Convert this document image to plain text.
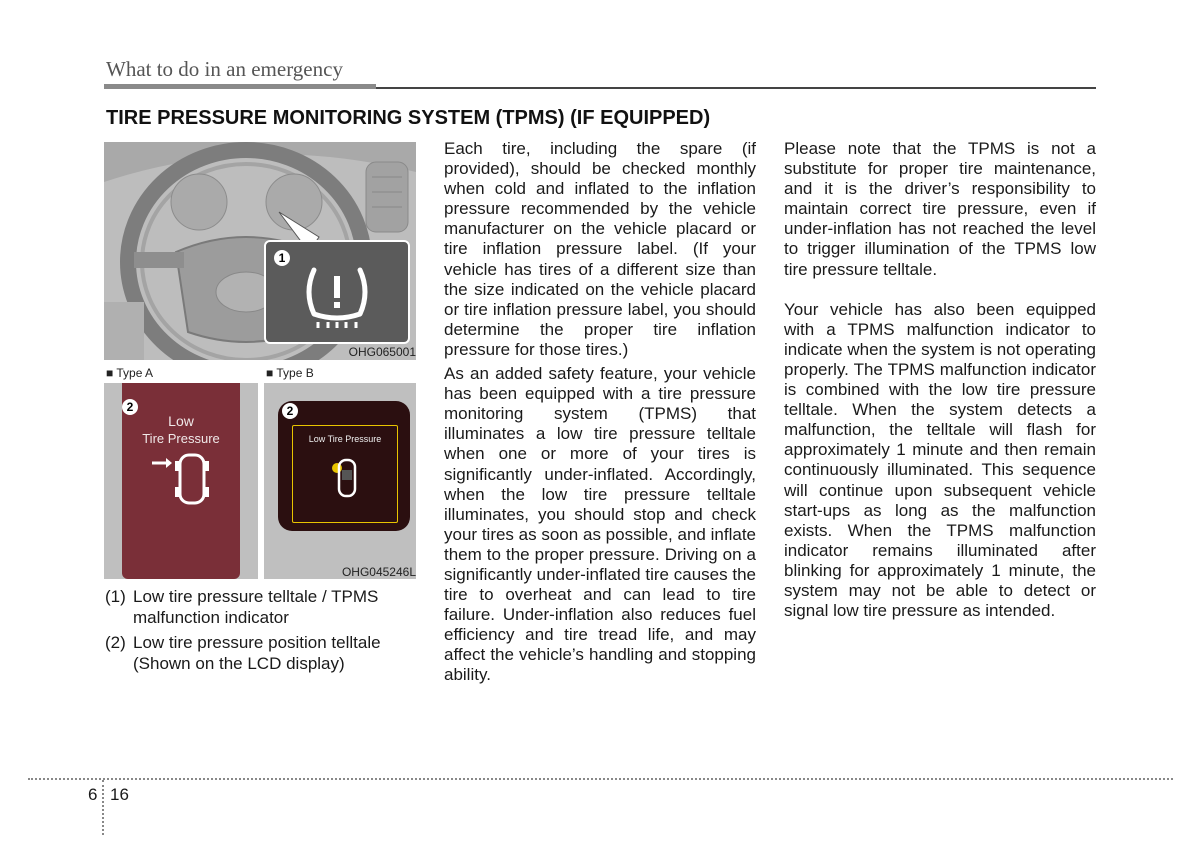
What to do in an emergency
TIRE PRESSURE MONITORING SYSTEM (TPMS) (IF EQUIPPED)
1
OHG065001
■ Type A	■ Type B
Low
Tire Pressure
2
Low Tire Pressure
2
OHG045246L
(1) Low tire pressure telltale / TPMS malfunction indicator
(2) Low tire pressure position telltale (Shown on the LCD display)

Each tire, including the spare (if provided), should be checked monthly when cold and inflated to the inflation pressure recommended by the vehicle manufacturer on the vehicle placard or tire inflation pressure label. (If your vehicle has tires of a different size than the size indicated on the vehicle placard or tire inflation pressure label, you should determine the proper tire inflation pressure for those tires.)

As an added safety feature, your vehicle has been equipped with a tire pressure monitoring system (TPMS) that illuminates a low tire pressure telltale when one or more of your tires is significantly under-inflated. Accordingly, when the low tire pressure telltale illuminates, you should stop and check your tires as soon as possible, and inflate them to the proper pressure. Driving on a significantly under-inflated tire causes the tire to overheat and can lead to tire failure. Under-inflation also reduces fuel efficiency and tire tread life, and may affect the vehicle’s handling and stopping ability.

Please note that the TPMS is not a substitute for proper tire maintenance, and it is the driver’s responsibility to maintain correct tire pressure, even if under-inflation has not reached the level to trigger illumination of the TPMS low tire pressure telltale.

Your vehicle has also been equipped with a TPMS malfunction indicator to indicate when the system is not operating properly. The TPMS malfunction indicator is combined with the low tire pressure telltale. When the system detects a malfunction, the telltale will flash for approximately 1 minute and then remain continuously illuminated. This sequence will continue upon subsequent vehicle start-ups as long as the malfunction exists. When the TPMS malfunction indicator remains illuminated after blinking for approximately 1 minute, the system may not be able to detect or signal low tire pressure as intended.

6 16
